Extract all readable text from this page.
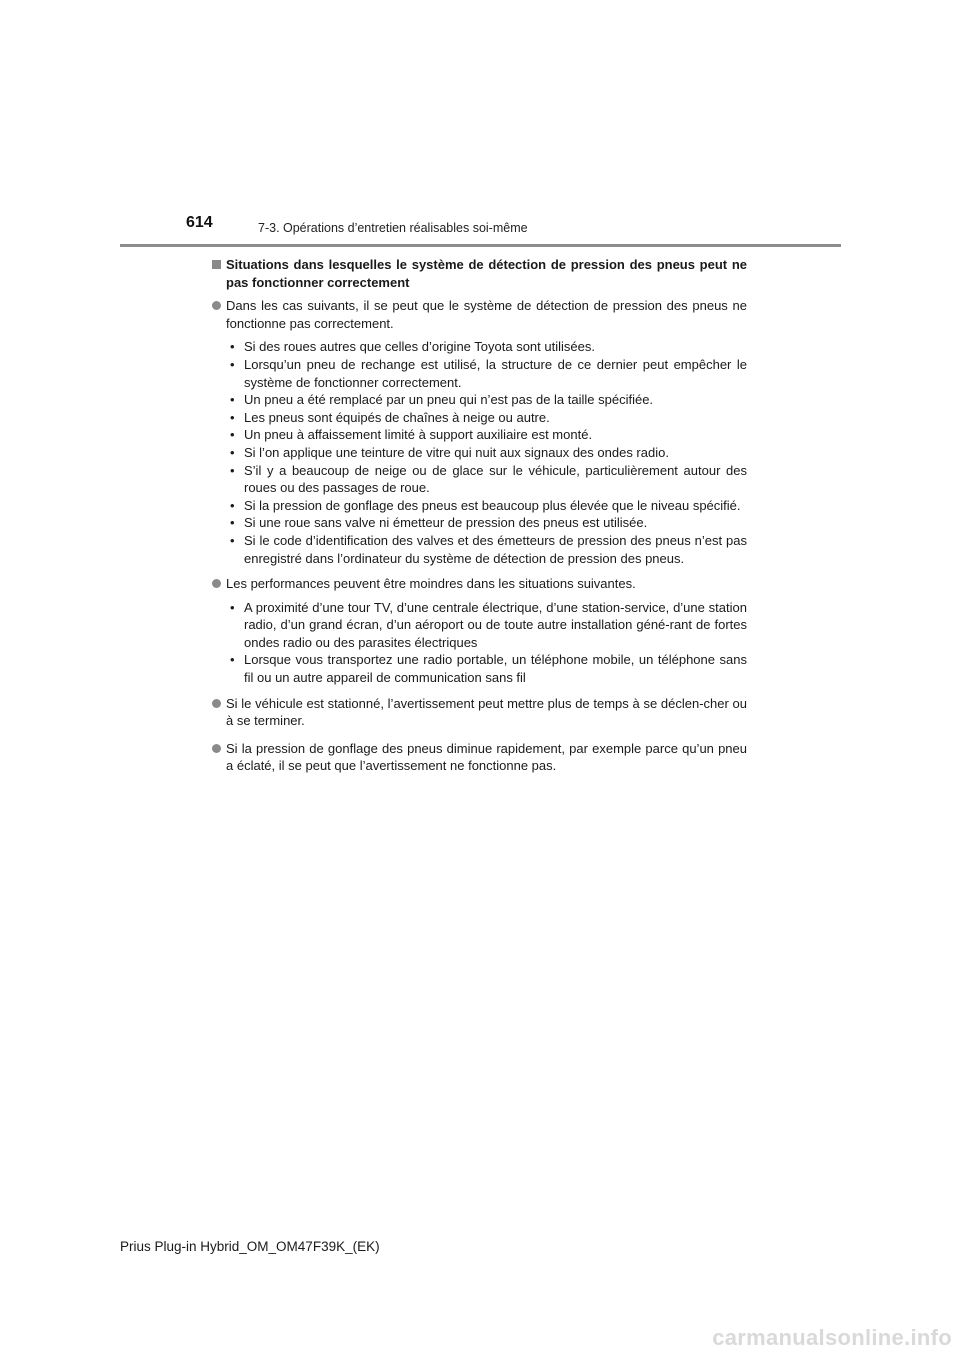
614	7-3. Opérations d’entretien réalisables soi-même
Situations dans lesquelles le système de détection de pression des pneus peut ne pas fonctionner correctement
Dans les cas suivants, il se peut que le système de détection de pression des pneus ne fonctionne pas correctement.
• Si des roues autres que celles d’origine Toyota sont utilisées.
• Lorsqu’un pneu de rechange est utilisé, la structure de ce dernier peut empêcher le système de fonctionner correctement.
• Un pneu a été remplacé par un pneu qui n’est pas de la taille spécifiée.
• Les pneus sont équipés de chaînes à neige ou autre.
• Un pneu à affaissement limité à support auxiliaire est monté.
• Si l’on applique une teinture de vitre qui nuit aux signaux des ondes radio.
• S’il y a beaucoup de neige ou de glace sur le véhicule, particulièrement autour des roues ou des passages de roue.
• Si la pression de gonflage des pneus est beaucoup plus élevée que le niveau spécifié.
• Si une roue sans valve ni émetteur de pression des pneus est utilisée.
• Si le code d’identification des valves et des émetteurs de pression des pneus n’est pas enregistré dans l’ordinateur du système de détection de pression des pneus.
Les performances peuvent être moindres dans les situations suivantes.
• A proximité d’une tour TV, d’une centrale électrique, d’une station-service, d’une station radio, d’un grand écran, d’un aéroport ou de toute autre installation géné-rant de fortes ondes radio ou des parasites électriques
• Lorsque vous transportez une radio portable, un téléphone mobile, un téléphone sans fil ou un autre appareil de communication sans fil
Si le véhicule est stationné, l’avertissement peut mettre plus de temps à se déclen-cher ou à se terminer.
Si la pression de gonflage des pneus diminue rapidement, par exemple parce qu’un pneu a éclaté, il se peut que l’avertissement ne fonctionne pas.
Prius Plug-in Hybrid_OM_OM47F39K_(EK)
carmanualsonline.info
